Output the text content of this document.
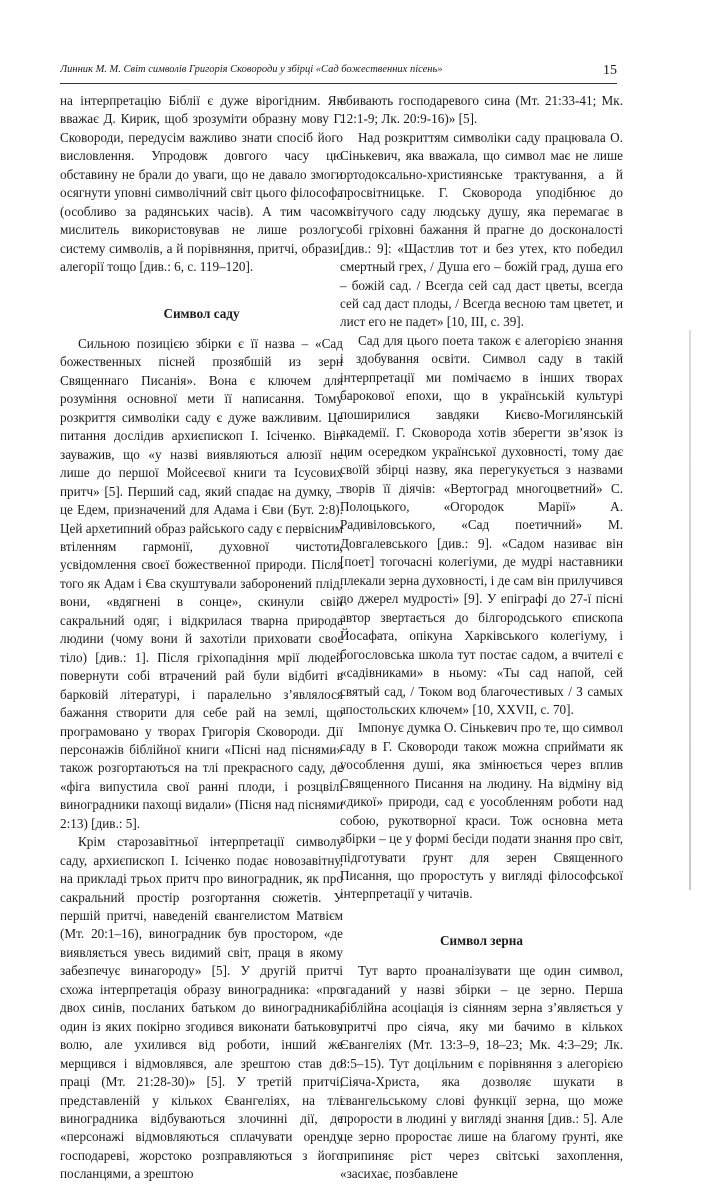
Линник М. М. Світ символів Григорія Сковороди у збірці «Сад божественних пісень»	15

на інтерпретацію Біблії є дуже вірогідним. Як вважає Д. Кирик, щоб зрозуміти образну мову Г. Сковороди, передусім важливо знати спосіб його висловлення. Упродовж довгого часу цю обставину не брали до уваги, що не давало змоги осягнути уповні символічний світ цього філософа (особливо за радянських часів). А тим часом мислитель використовував не лише розлогу систему символів, а й порівняння, притчі, образи, алегорії тощо [див.: 6, с. 119–120].

Символ саду

Сильною позицією збірки є її назва – «Сад божественных пісней прозябшій из зерн Священнаго Писанія». Вона є ключем для розуміння основної мети її написання. Тому розкриття символіки саду є дуже важливим. Це питання дослідив архиєпископ І. Ісіченко. Він зауважив, що «у назві виявляються алюзії не лише до першої Мойсеєвої книги та Ісусових притч» [5]. Перший сад, який спадає на думку, – це Едем, призначений для Адама і Єви (Бут. 2:8). Цей архетипний образ райського саду є первісним втіленням гармонії, духовної чистоти, усвідомлення своєї божественної природи. Після того як Адам і Єва скуштували заборонений плід, вони, «вдягнені в сонце», скинули свій сакральний одяг, і відкрилася тварна природа людини (чому вони й захотіли приховати своє тіло) [див.: 1]. Після гріхопадіння мрії людей повернути собі втрачений рай були відбиті в барковій літературі, і паралельно з’являлося бажання створити для себе рай на землі, що програмовано у творах Григорія Сковороди. Дії персонажів біблійної книги «Пісні над піснями» також розгортаються на тлі прекрасного саду, де «фіга випустила свої ранні плоди, і розцвілі виноградники пахощі видали» (Пісня над піснями 2:13) [див.: 5].

Крім старозавітньої інтерпретації символу саду, архиєпископ І. Ісіченко подає новозавітну, на прикладі трьох притч про виноградник, як про сакральний простір розгортання сюжетів. У першій притчі, наведеній євангелистом Матвієм (Мт. 20:1–16), виноградник був простором, «де виявляється увесь видимий світ, праця в якому забезпечує винагороду» [5]. У другій притчі схожа інтерпретація образу виноградника: «про двох синів, посланих батьком до виноградника, один із яких покірно згодився виконати батькову волю, але ухилився від роботи, інший же мерщився і відмовлявся, але зрештою став до праці (Мт. 21:28-30)» [5]. У третій притчі, представленій у кількох Євангеліях, на тлі виноградника відбуваються злочинні дії, де «персонажі відмовляються сплачувати оренду господареві, жорстоко розправляються з його посланцями, а зрештою

вбивають господаревого сина (Мт. 21:33-41; Мк. 12:1-9; Лк. 20:9-16)» [5].

Над розкриттям символіки саду працювала О. Сінькевич, яка вважала, що символ має не лише ортодоксально-християнське трактування, а й просвітницьке. Г. Сковорода уподібнює до квітучого саду людську душу, яка перемагає в собі гріховні бажання й прагне до досконалості [див.: 9]: «Щастлив тот и без утех, кто победил смертный грех, / Душа его – божій град, душа его – божій сад. / Всегда сей сад даст цветы, всегда сей сад даст плоды, / Всегда весною там цветет, и лист его не падет» [10, ІІІ, с. 39].

Сад для цього поета також є алегорією знання і здобування освіти. Символ саду в такій інтерпретації ми помічаємо в інших творах барокової епохи, що в українській культурі поширилися завдяки Києво-Могилянській академії. Г. Сковорода хотів зберегти зв’язок із цим осередком української духовності, тому дає своїй збірці назву, яка перегукується з назвами творів її діячів: «Вертоград многоцветний» С. Полоцького, «Огородок Марії» А. Радивіловського, «Сад поетичний» М. Довгалевського [див.: 9]. «Садом називає він [поет] тогочасні колегіуми, де мудрі наставники плекали зерна духовності, і де сам він прилучився до джерел мудрості» [9]. У епіграфі до 27-ї пісні автор звертається до білгородського єпископа Йосафата, опікуна Харківського колегіуму, і богословська школа тут постає садом, а вчителі є «садівниками» в ньому: «Ты сад напой, сей святый сад, / Током вод благочестивых / З самых апостольских ключем» [10, XXVII, с. 70].

Імпонує думка О. Сінькевич про те, що символ саду в Г. Сковороди також можна сприймати як уособлення душі, яка змінюється через вплив Священного Писання на людину. На відміну від «дикої» природи, сад є уособленням роботи над собою, рукотворної краси. Тож основна мета збірки – це у формі бесіди подати знання про світ, підготувати ґрунт для зерен Священного Писання, що проростуть у вигляді філософської інтерпретації у читачів.

Символ зерна

Тут варто проаналізувати ще один символ, згаданий у назві збірки – це зерно. Перша біблійна асоціація із сіянням зерна з’являється у притчі про сіяча, яку ми бачимо в кількох Євангеліях (Мт. 13:3–9, 18–23; Мк. 4:3–29; Лк. 8:5–15). Тут доцільним є порівняння з алегорією Сіяча-Христа, яка дозволяє шукати в євангельському слові функції зерна, що може прорости в людині у вигляді знання [див.: 5]. Але це зерно проростає лише на благому ґрунті, яке припиняє ріст через світські захоплення, «засихає, позбавлене
